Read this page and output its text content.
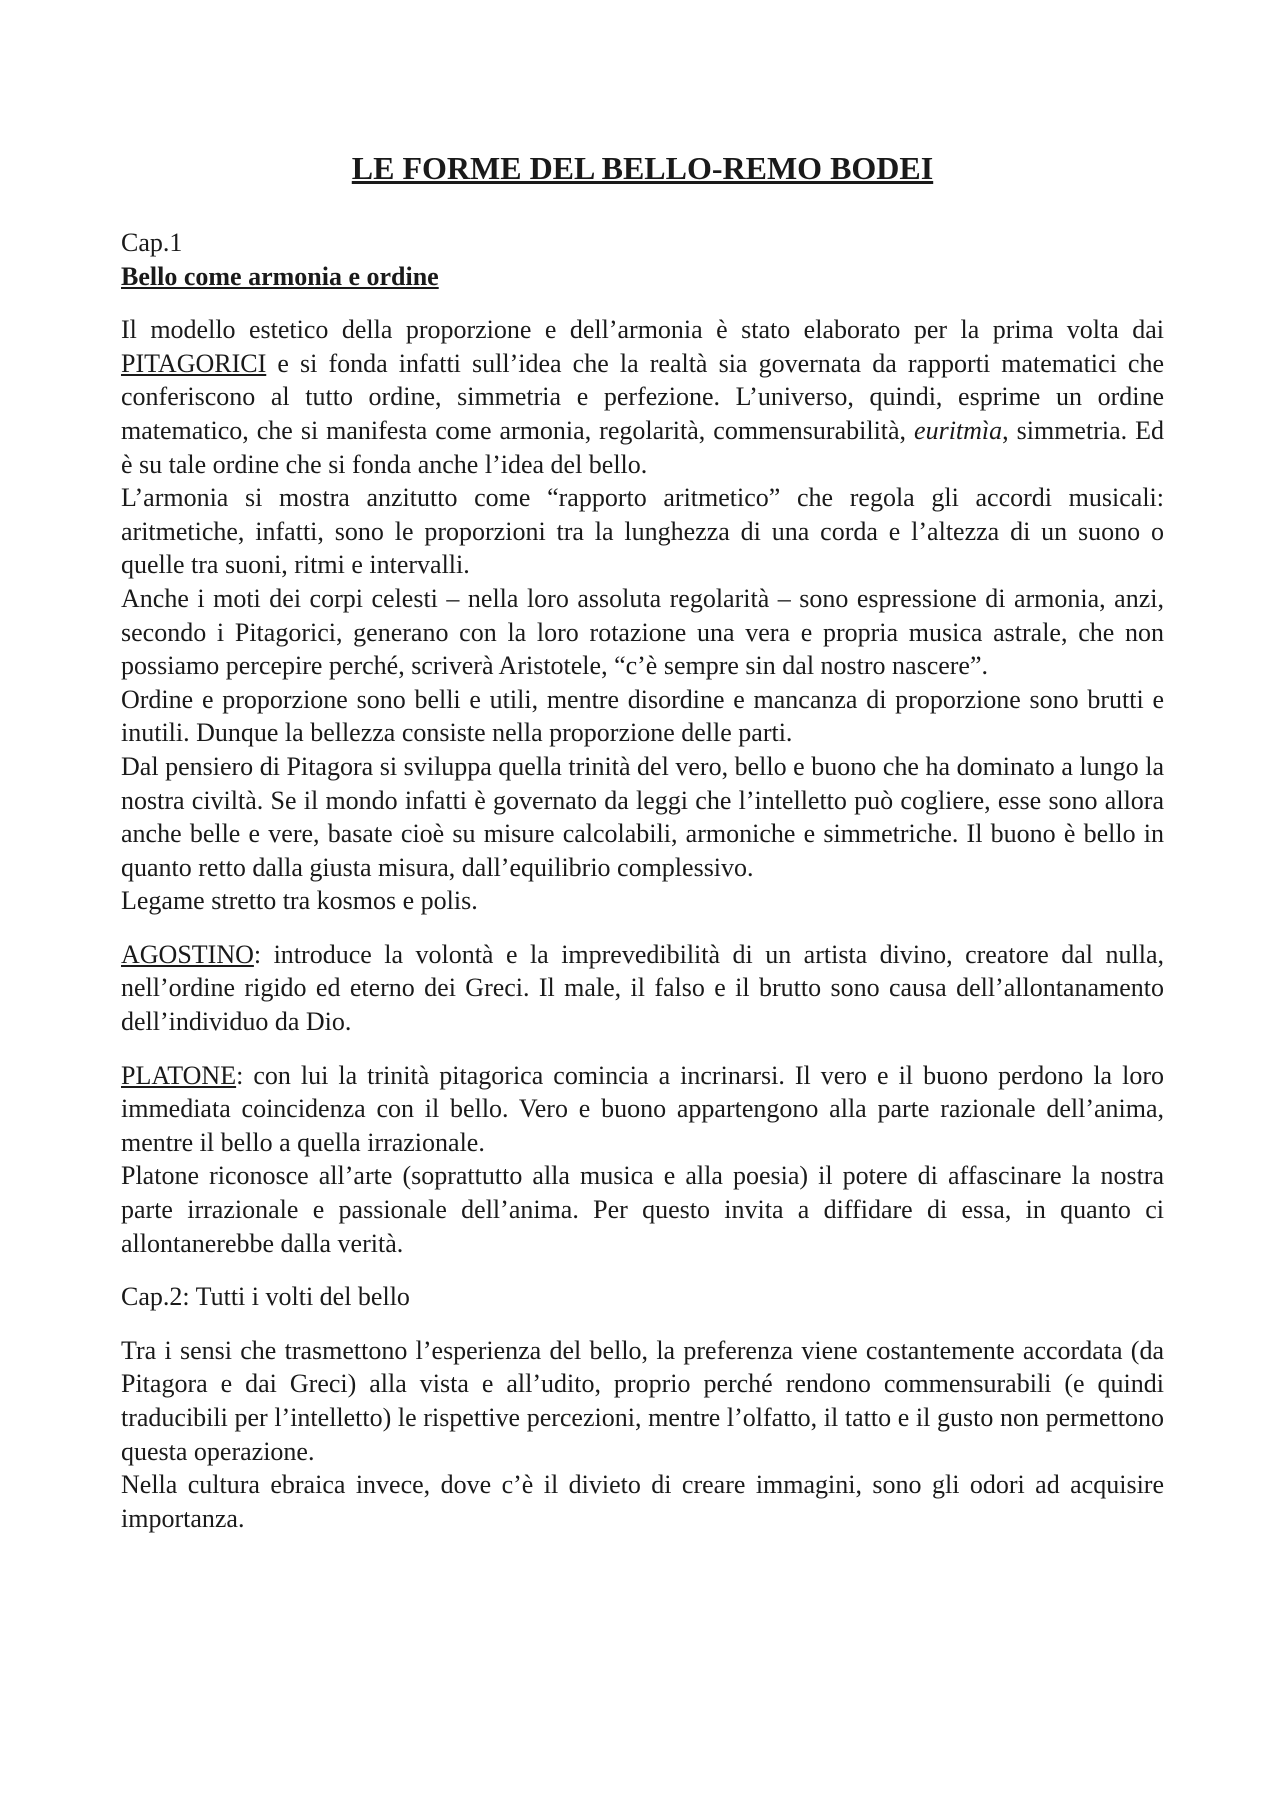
LE FORME DEL BELLO-REMO BODEI

Cap.1

Bello come armonia e ordine

Il modello estetico della proporzione e dell’armonia è stato elaborato per la prima volta dai PITAGORICI e si fonda infatti sull’idea che la realtà sia governata da rapporti matematici che conferiscono al tutto ordine, simmetria e perfezione. L’universo, quindi, esprime un ordine matematico, che si manifesta come armonia, regolarità, commensurabilità, euritmìa, simmetria. Ed è su tale ordine che si fonda anche l’idea del bello.

L’armonia si mostra anzitutto come “rapporto aritmetico” che regola gli accordi musicali: aritmetiche, infatti, sono le proporzioni tra la lunghezza di una corda e l’altezza di un suono o quelle tra suoni, ritmi e intervalli.

Anche i moti dei corpi celesti – nella loro assoluta regolarità – sono espressione di armonia, anzi, secondo i Pitagorici, generano con la loro rotazione una vera e propria musica astrale, che non possiamo percepire perché, scriverà Aristotele, “c’è sempre sin dal nostro nascere”.

Ordine e proporzione sono belli e utili, mentre disordine e mancanza di proporzione sono brutti e inutili. Dunque la bellezza consiste nella proporzione delle parti.

Dal pensiero di Pitagora si sviluppa quella trinità del vero, bello e buono che ha dominato a lungo la nostra civiltà. Se il mondo infatti è governato da leggi che l’intelletto può cogliere, esse sono allora anche belle e vere, basate cioè su misure calcolabili, armoniche e simmetriche. Il buono è bello in quanto retto dalla giusta misura, dall’equilibrio complessivo.

Legame stretto tra kosmos e polis.

AGOSTINO: introduce la volontà e la imprevedibilità di un artista divino, creatore dal nulla, nell’ordine rigido ed eterno dei Greci. Il male, il falso e il brutto sono causa dell’allontanamento dell’individuo da Dio.

PLATONE: con lui la trinità pitagorica comincia a incrinarsi. Il vero e il buono perdono la loro immediata coincidenza con il bello. Vero e buono appartengono alla parte razionale dell’anima, mentre il bello a quella irrazionale.

Platone riconosce all’arte (soprattutto alla musica e alla poesia) il potere di affascinare la nostra parte irrazionale e passionale dell’anima. Per questo invita a diffidare di essa, in quanto ci allontanerebbe dalla verità.

Cap.2: Tutti i volti del bello

Tra i sensi che trasmettono l’esperienza del bello, la preferenza viene costantemente accordata (da Pitagora e dai Greci) alla vista e all’udito, proprio perché rendono commensurabili (e quindi traducibili per l’intelletto) le rispettive percezioni, mentre l’olfatto, il tatto e il gusto non permettono questa operazione.

Nella cultura ebraica invece, dove c’è il divieto di creare immagini, sono gli odori ad acquisire importanza.
